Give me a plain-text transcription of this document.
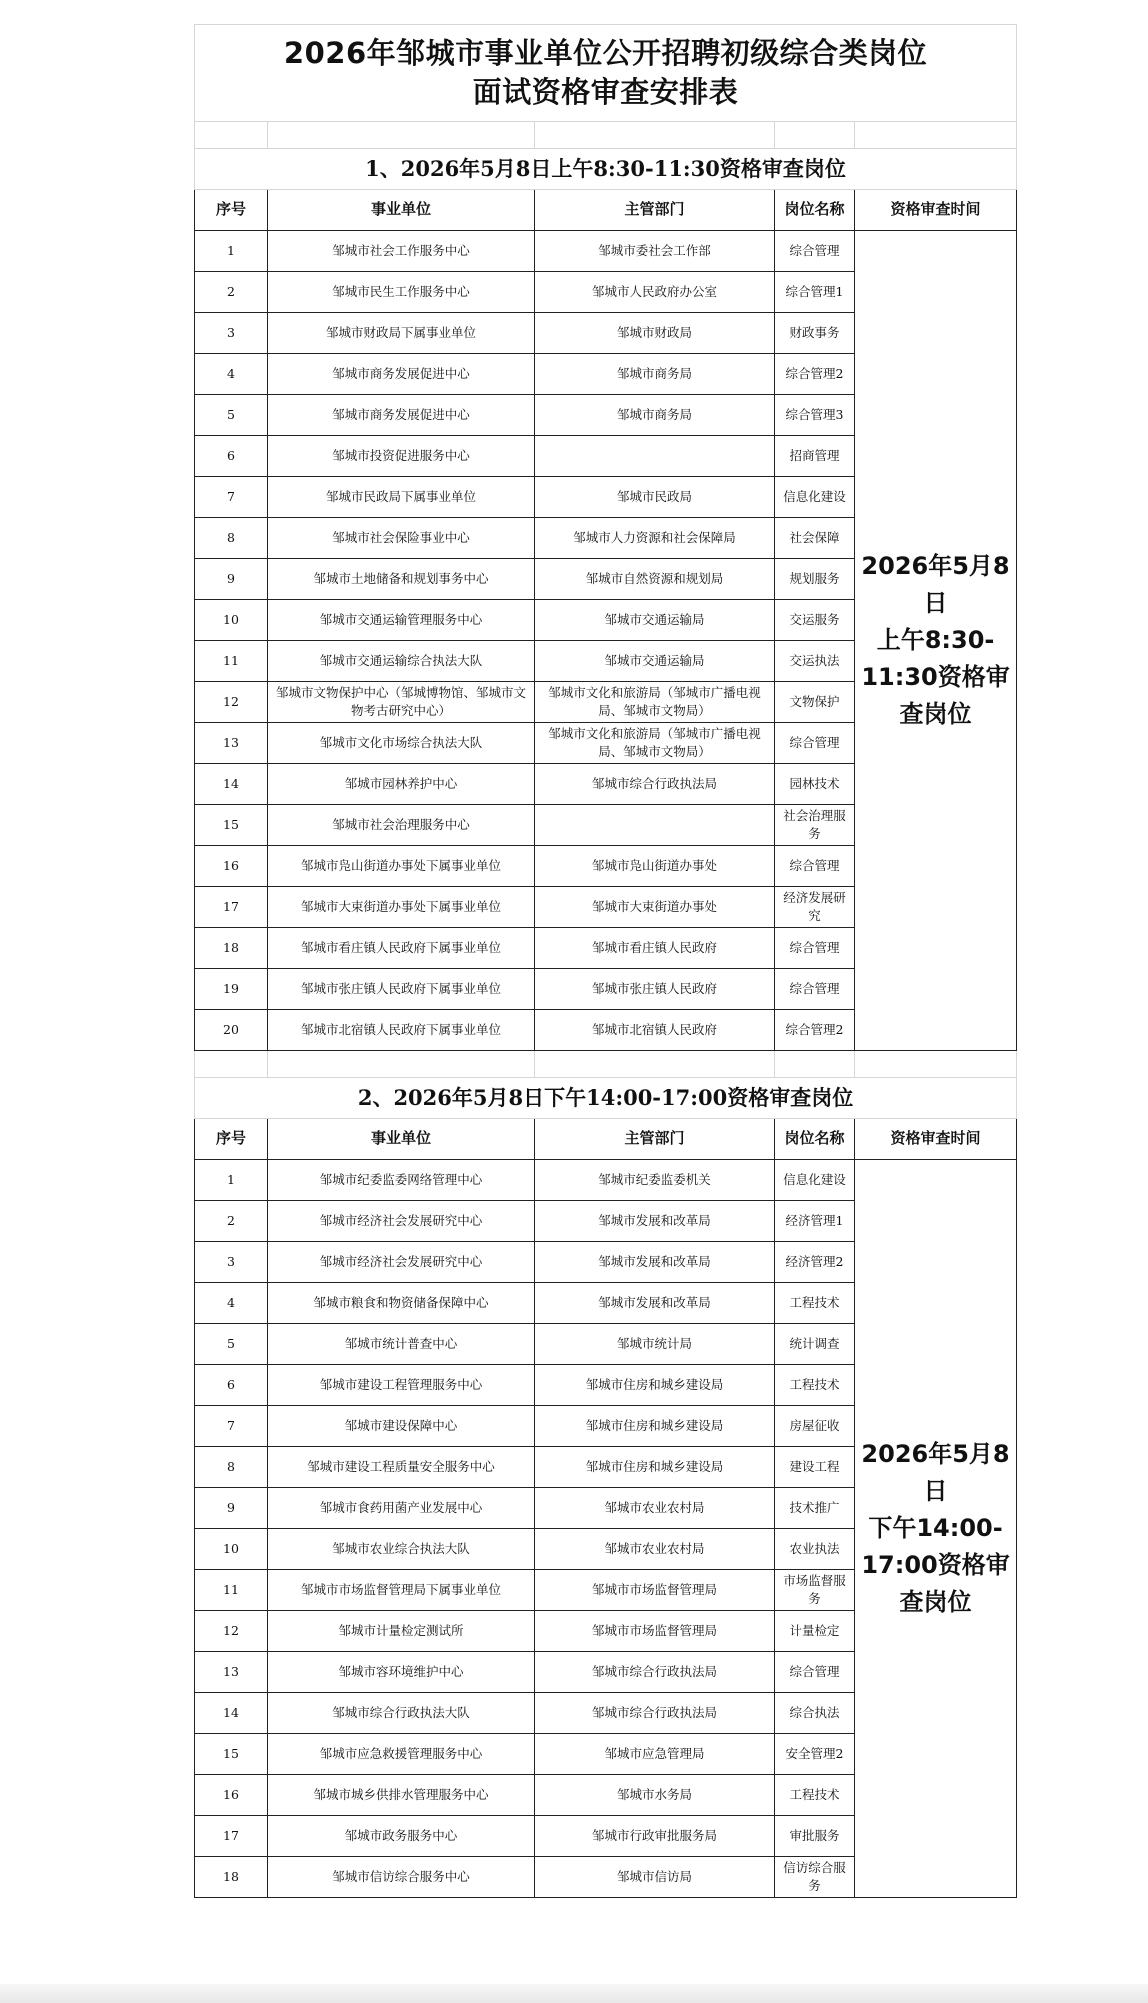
2026年邹城市事业单位公开招聘初级综合类岗位
面试资格审查安排表				

1、2026年5月8日上午8:30-11:30资格审查岗位				
序号	事业单位	主管部门	岗位名称	资格审查时间
1	邹城市社会工作服务中心	邹城市委社会工作部	综合管理	2026年5月8日
上午8:30-
11:30资格审
查岗位

2	邹城市民生工作服务中心	邹城市人民政府办公室	综合管理1	
3	邹城市财政局下属事业单位	邹城市财政局	财政事务	
4	邹城市商务发展促进中心	邹城市商务局	综合管理2	
5	邹城市商务发展促进中心	邹城市商务局	综合管理3	
6	邹城市投资促进服务中心		招商管理	
7	邹城市民政局下属事业单位	邹城市民政局	信息化建设	
8	邹城市社会保险事业中心	邹城市人力资源和社会保障局	社会保障	
9	邹城市土地储备和规划事务中心	邹城市自然资源和规划局	规划服务	
10	邹城市交通运输管理服务中心	邹城市交通运输局	交运服务	
11	邹城市交通运输综合执法大队	邹城市交通运输局	交运执法	
12	邹城市文物保护中心（邹城博物馆、邹城市文物考古研究中心）	邹城市文化和旅游局（邹城市广播电视局、邹城市文物局）	文物保护	
13	邹城市文化市场综合执法大队	邹城市文化和旅游局（邹城市广播电视局、邹城市文物局）	综合管理	
14	邹城市园林养护中心	邹城市综合行政执法局	园林技术	
15	邹城市社会治理服务中心		社会治理服务	
16	邹城市凫山街道办事处下属事业单位	邹城市凫山街道办事处	综合管理	
17	邹城市大束街道办事处下属事业单位	邹城市大束街道办事处	经济发展研究	
18	邹城市看庄镇人民政府下属事业单位	邹城市看庄镇人民政府	综合管理	
19	邹城市张庄镇人民政府下属事业单位	邹城市张庄镇人民政府	综合管理	
20	邹城市北宿镇人民政府下属事业单位	邹城市北宿镇人民政府	综合管理2	

2、2026年5月8日下午14:00-17:00资格审查岗位				
序号	事业单位	主管部门	岗位名称	资格审查时间
1	邹城市纪委监委网络管理中心	邹城市纪委监委机关	信息化建设	2026年5月8日
下午14:00-
17:00资格审
查岗位

2	邹城市经济社会发展研究中心	邹城市发展和改革局	经济管理1	
3	邹城市经济社会发展研究中心	邹城市发展和改革局	经济管理2	
4	邹城市粮食和物资储备保障中心	邹城市发展和改革局	工程技术	
5	邹城市统计普查中心	邹城市统计局	统计调查	
6	邹城市建设工程管理服务中心	邹城市住房和城乡建设局	工程技术	
7	邹城市建设保障中心	邹城市住房和城乡建设局	房屋征收	
8	邹城市建设工程质量安全服务中心	邹城市住房和城乡建设局	建设工程	
9	邹城市食药用菌产业发展中心	邹城市农业农村局	技术推广	
10	邹城市农业综合执法大队	邹城市农业农村局	农业执法	
11	邹城市市场监督管理局下属事业单位	邹城市市场监督管理局	市场监督服务	
12	邹城市计量检定测试所	邹城市市场监督管理局	计量检定	
13	邹城市容环境维护中心	邹城市综合行政执法局	综合管理	
14	邹城市综合行政执法大队	邹城市综合行政执法局	综合执法	
15	邹城市应急救援管理服务中心	邹城市应急管理局	安全管理2	
16	邹城市城乡供排水管理服务中心	邹城市水务局	工程技术	
17	邹城市政务服务中心	邹城市行政审批服务局	审批服务	
18	邹城市信访综合服务中心	邹城市信访局	信访综合服务	
